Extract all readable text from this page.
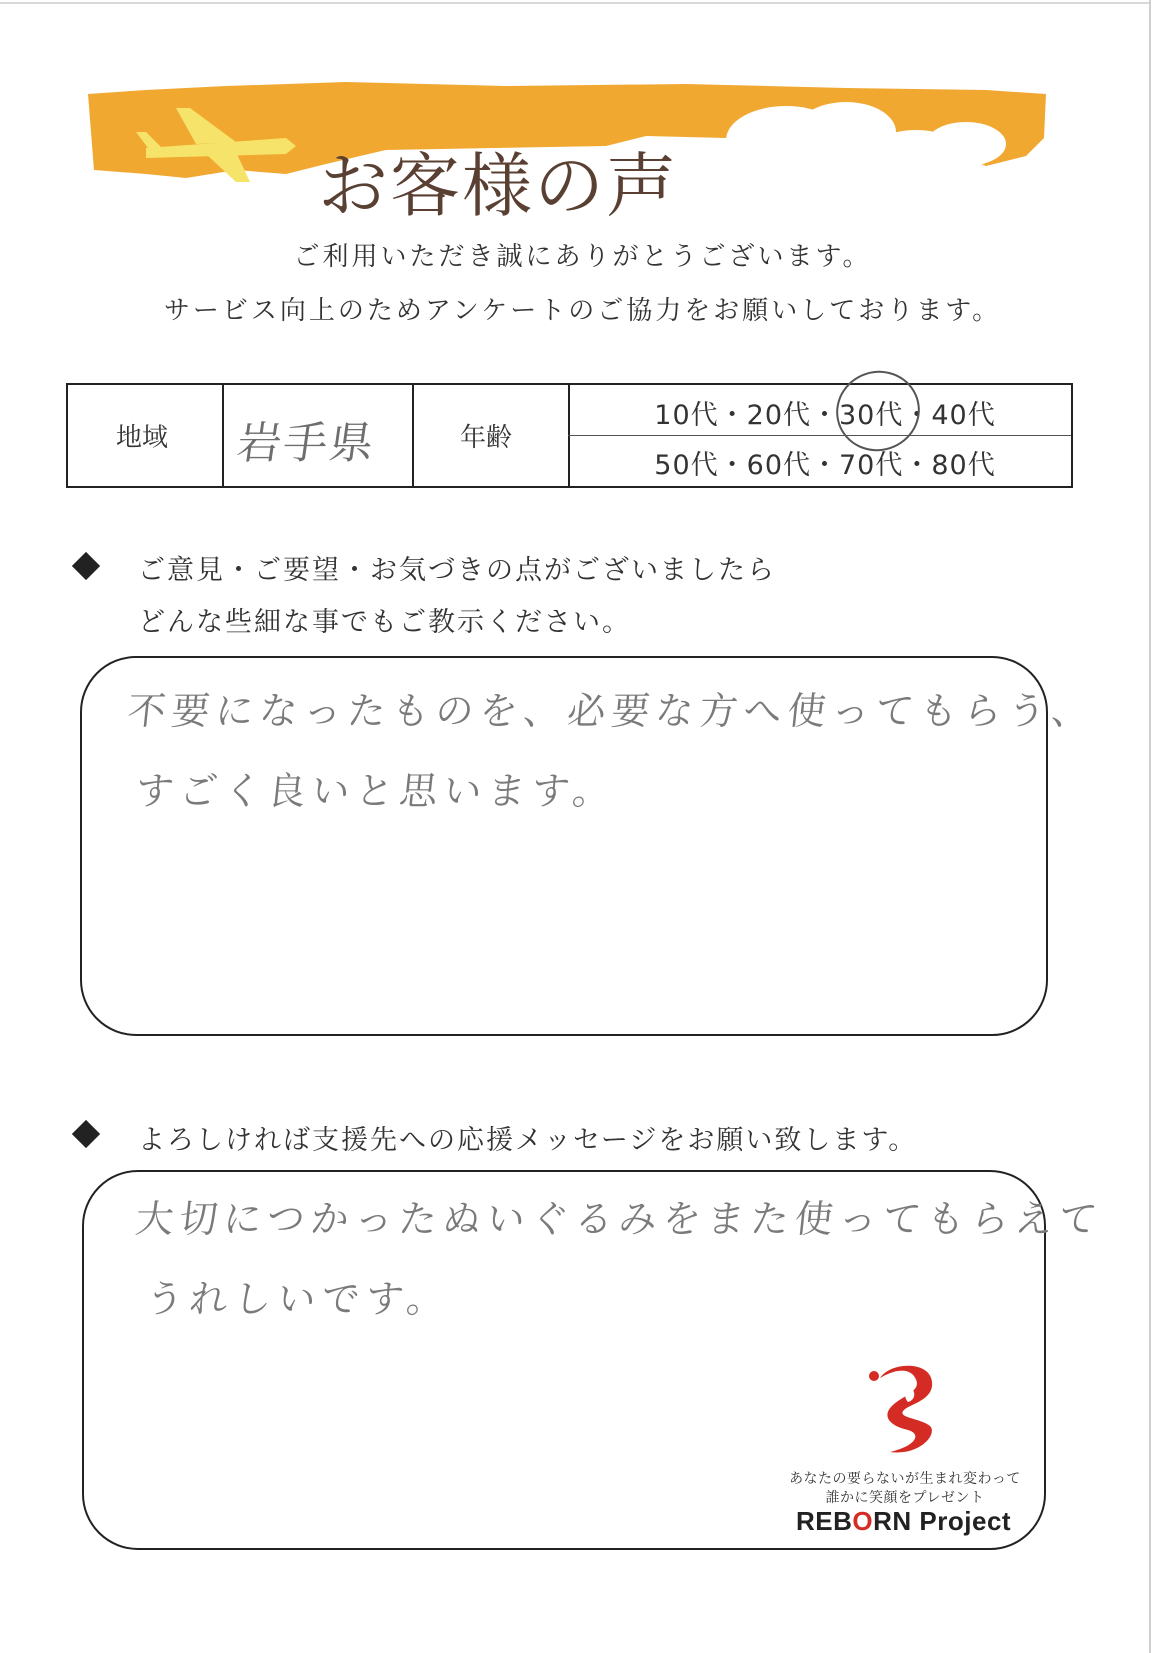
お客様の声
ご利用いただき誠にありがとうございます。
サービス向上のためアンケートのご協力をお願いしております。
地域 岩手県	年齢
10代・20代・30代・40代
50代・60代・70代・80代
ご意見・ご要望・お気づきの点がございましたら
どんな些細な事でもご教示ください。
不要になったものを、必要な方へ使ってもらう、
すごく良いと思います。
よろしければ支援先への応援メッセージをお願い致します。
大切につかったぬいぐるみをまた使ってもらえて
うれしいです。
あなたの要らないが生まれ変わって
誰かに笑顔をプレゼント
REBORN Project
